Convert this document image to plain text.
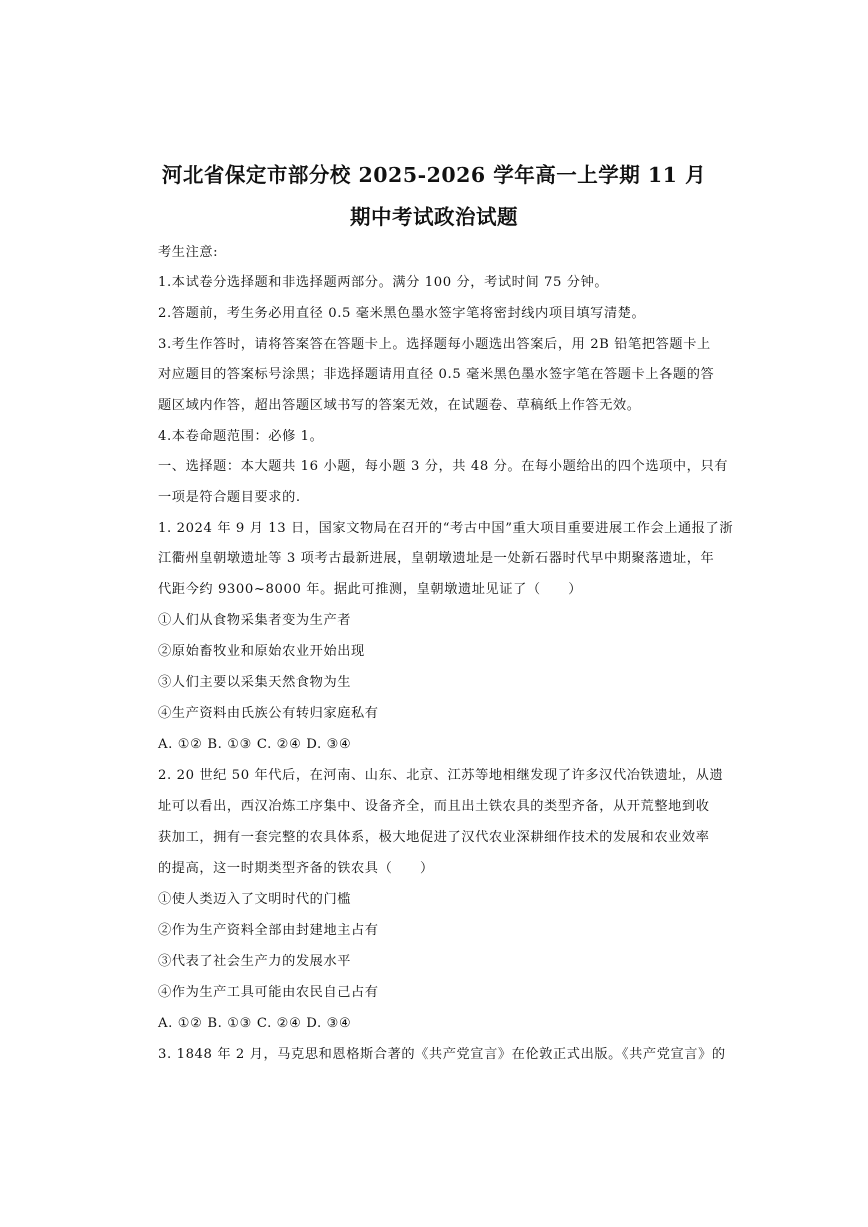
河北省保定市部分校 2025-2026 学年高一上学期 11 月
期中考试政治试题
考生注意:
1.本试卷分选择题和非选择题两部分。满分 100 分，考试时间 75 分钟。
2.答题前，考生务必用直径 0.5 毫米黑色墨水签字笔将密封线内项目填写清楚。
3.考生作答时，请将答案答在答题卡上。选择题每小题选出答案后，用 2B 铅笔把答题卡上
对应题目的答案标号涂黑；非选择题请用直径 0.5 毫米黑色墨水签字笔在答题卡上各题的答
题区域内作答，超出答题区域书写的答案无效，在试题卷、草稿纸上作答无效。
4.本卷命题范围：必修 1。
一、选择题：本大题共 16 小题，每小题 3 分，共 48 分。在每小题给出的四个选项中，只有
一项是符合题目要求的.
1. 2024 年 9 月 13 日，国家文物局在召开的“考古中国”重大项目重要进展工作会上通报了浙
江衢州皇朝墩遗址等 3 项考古最新进展，皇朝墩遗址是一处新石器时代早中期聚落遗址，年
代距今约 9300~8000 年。据此可推测，皇朝墩遗址见证了（　　）
①人们从食物采集者变为生产者
②原始畜牧业和原始农业开始出现
③人们主要以采集天然食物为生
④生产资料由氏族公有转归家庭私有
A. ①② B. ①③ C. ②④ D. ③④
2. 20 世纪 50 年代后，在河南、山东、北京、江苏等地相继发现了许多汉代冶铁遗址，从遗
址可以看出，西汉冶炼工序集中、设备齐全，而且出土铁农具的类型齐备，从开荒整地到收
获加工，拥有一套完整的农具体系，极大地促进了汉代农业深耕细作技术的发展和农业效率
的提高，这一时期类型齐备的铁农具（　　）
①使人类迈入了文明时代的门槛
②作为生产资料全部由封建地主占有
③代表了社会生产力的发展水平
④作为生产工具可能由农民自己占有
A. ①② B. ①③ C. ②④ D. ③④
3. 1848 年 2 月，马克思和恩格斯合著的《共产党宣言》在伦敦正式出版。《共产党宣言》的
